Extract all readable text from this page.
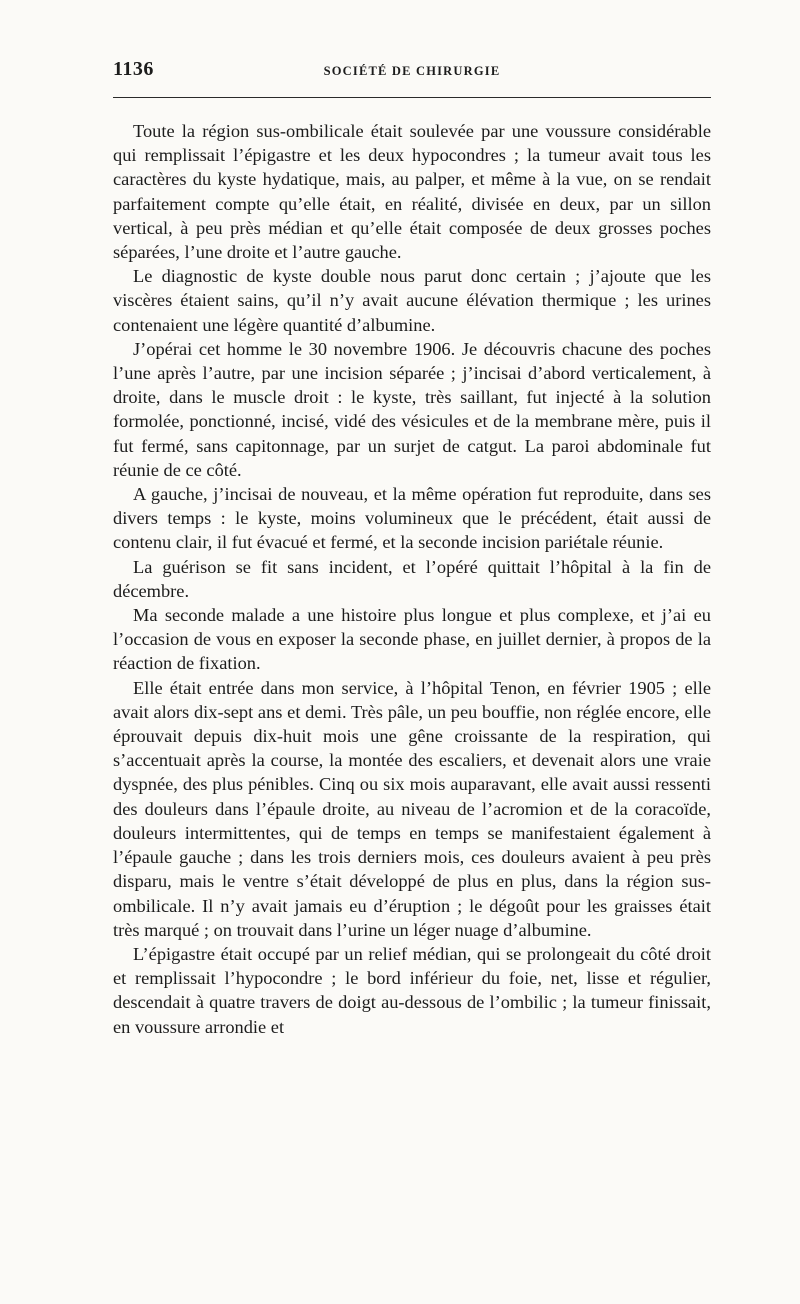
1136	SOCIÉTÉ DE CHIRURGIE

Toute la région sus-ombilicale était soulevée par une voussure considérable qui remplissait l’épigastre et les deux hypocondres ; la tumeur avait tous les caractères du kyste hydatique, mais, au palper, et même à la vue, on se rendait parfaitement compte qu’elle était, en réalité, divisée en deux, par un sillon vertical, à peu près médian et qu’elle était composée de deux grosses poches séparées, l’une droite et l’autre gauche.

Le diagnostic de kyste double nous parut donc certain ; j’ajoute que les viscères étaient sains, qu’il n’y avait aucune élévation thermique ; les urines contenaient une légère quantité d’albumine.

J’opérai cet homme le 30 novembre 1906. Je découvris chacune des poches l’une après l’autre, par une incision séparée ; j’incisai d’abord verticalement, à droite, dans le muscle droit : le kyste, très saillant, fut injecté à la solution formolée, ponctionné, incisé, vidé des vésicules et de la membrane mère, puis il fut fermé, sans capitonnage, par un surjet de catgut. La paroi abdominale fut réunie de ce côté.

A gauche, j’incisai de nouveau, et la même opération fut reproduite, dans ses divers temps : le kyste, moins volumineux que le précédent, était aussi de contenu clair, il fut évacué et fermé, et la seconde incision pariétale réunie.

La guérison se fit sans incident, et l’opéré quittait l’hôpital à la fin de décembre.

Ma seconde malade a une histoire plus longue et plus complexe, et j’ai eu l’occasion de vous en exposer la seconde phase, en juillet dernier, à propos de la réaction de fixation.

Elle était entrée dans mon service, à l’hôpital Tenon, en février 1905 ; elle avait alors dix-sept ans et demi. Très pâle, un peu bouffie, non réglée encore, elle éprouvait depuis dix-huit mois une gêne croissante de la respiration, qui s’accentuait après la course, la montée des escaliers, et devenait alors une vraie dyspnée, des plus pénibles. Cinq ou six mois auparavant, elle avait aussi ressenti des douleurs dans l’épaule droite, au niveau de l’acromion et de la coracoïde, douleurs intermittentes, qui de temps en temps se manifestaient également à l’épaule gauche ; dans les trois derniers mois, ces douleurs avaient à peu près disparu, mais le ventre s’était développé de plus en plus, dans la région sus-ombilicale. Il n’y avait jamais eu d’éruption ; le dégoût pour les graisses était très marqué ; on trouvait dans l’urine un léger nuage d’albumine.

L’épigastre était occupé par un relief médian, qui se prolongeait du côté droit et remplissait l’hypocondre ; le bord inférieur du foie, net, lisse et régulier, descendait à quatre travers de doigt au-dessous de l’ombilic ; la tumeur finissait, en voussure arrondie et
